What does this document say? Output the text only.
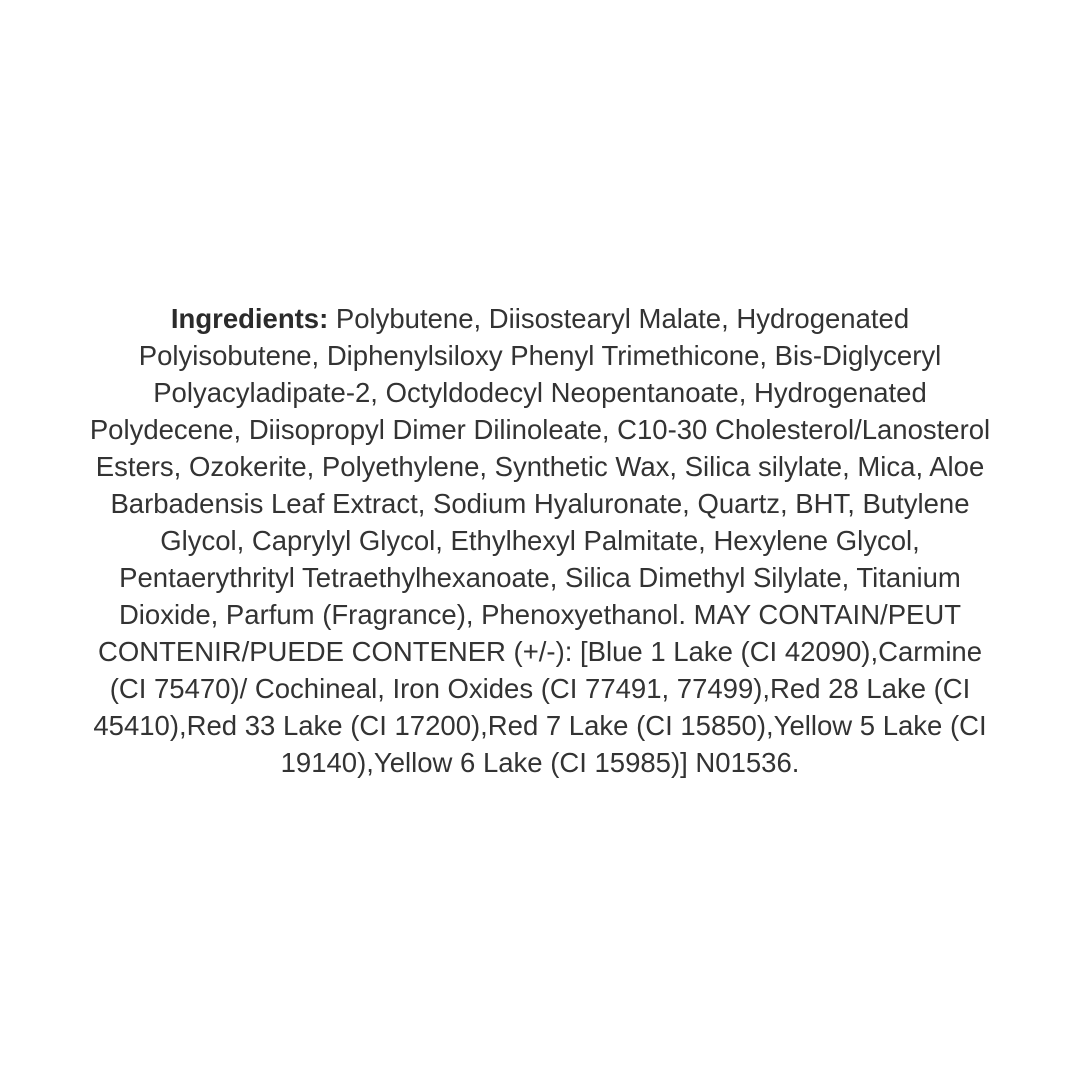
Ingredients: Polybutene, Diisostearyl Malate, Hydrogenated Polyisobutene, Diphenylsiloxy Phenyl Trimethicone, Bis-Diglyceryl Polyacyladipate-2, Octyldodecyl Neopentanoate, Hydrogenated Polydecene, Diisopropyl Dimer Dilinoleate, C10-30 Cholesterol/Lanosterol Esters, Ozokerite, Polyethylene, Synthetic Wax, Silica silylate, Mica, Aloe Barbadensis Leaf Extract, Sodium Hyaluronate, Quartz, BHT, Butylene Glycol, Caprylyl Glycol, Ethylhexyl Palmitate, Hexylene Glycol, Pentaerythrityl Tetraethylhexanoate, Silica Dimethyl Silylate, Titanium Dioxide, Parfum (Fragrance), Phenoxyethanol. MAY CONTAIN/PEUT CONTENIR/PUEDE CONTENER (+/-): [Blue 1 Lake (CI 42090),Carmine (CI 75470)/ Cochineal, Iron Oxides (CI 77491, 77499),Red 28 Lake (CI 45410),Red 33 Lake (CI 17200),Red 7 Lake (CI 15850),Yellow 5 Lake (CI 19140),Yellow 6 Lake (CI 15985)] N01536.
